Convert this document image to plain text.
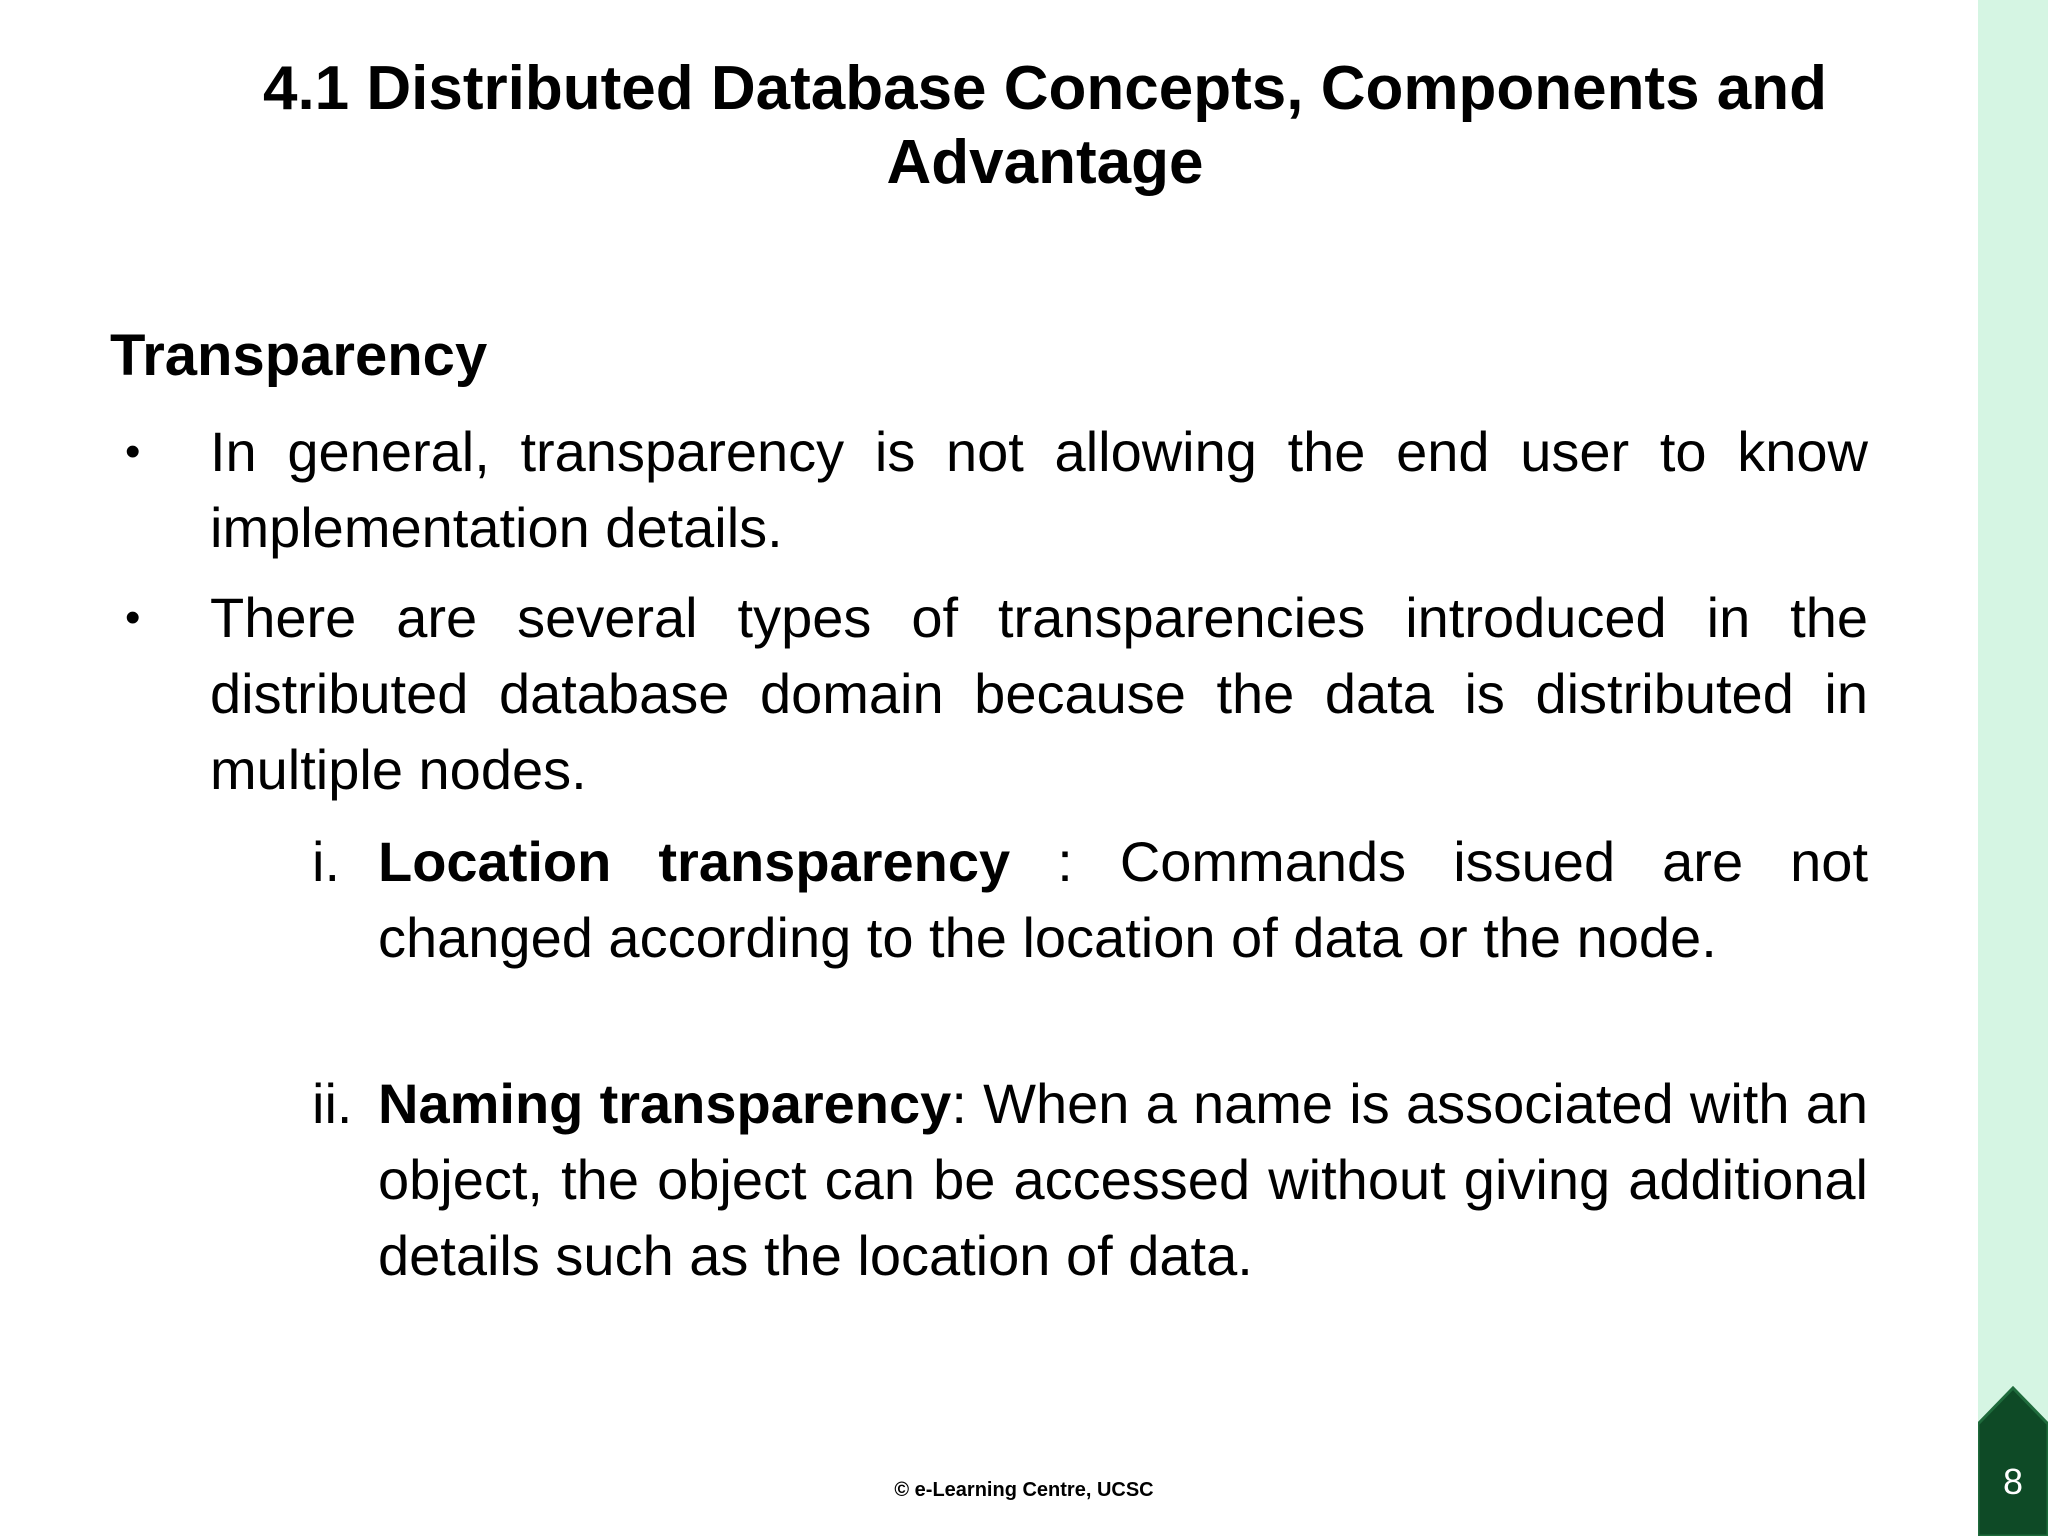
4.1 Distributed Database Concepts, Components and
Advantage
Transparency
• In general, transparency is not allowing the end user to know implementation details.
• There are several types of transparencies introduced in the distributed database domain because the data is distributed in multiple nodes.
i. Location transparency : Commands issued are not changed according to the location of data or the node.
ii. Naming transparency: When a name is associated with an object, the object can be accessed without giving additional details such as the location of data.
© e-Learning Centre, UCSC	8
